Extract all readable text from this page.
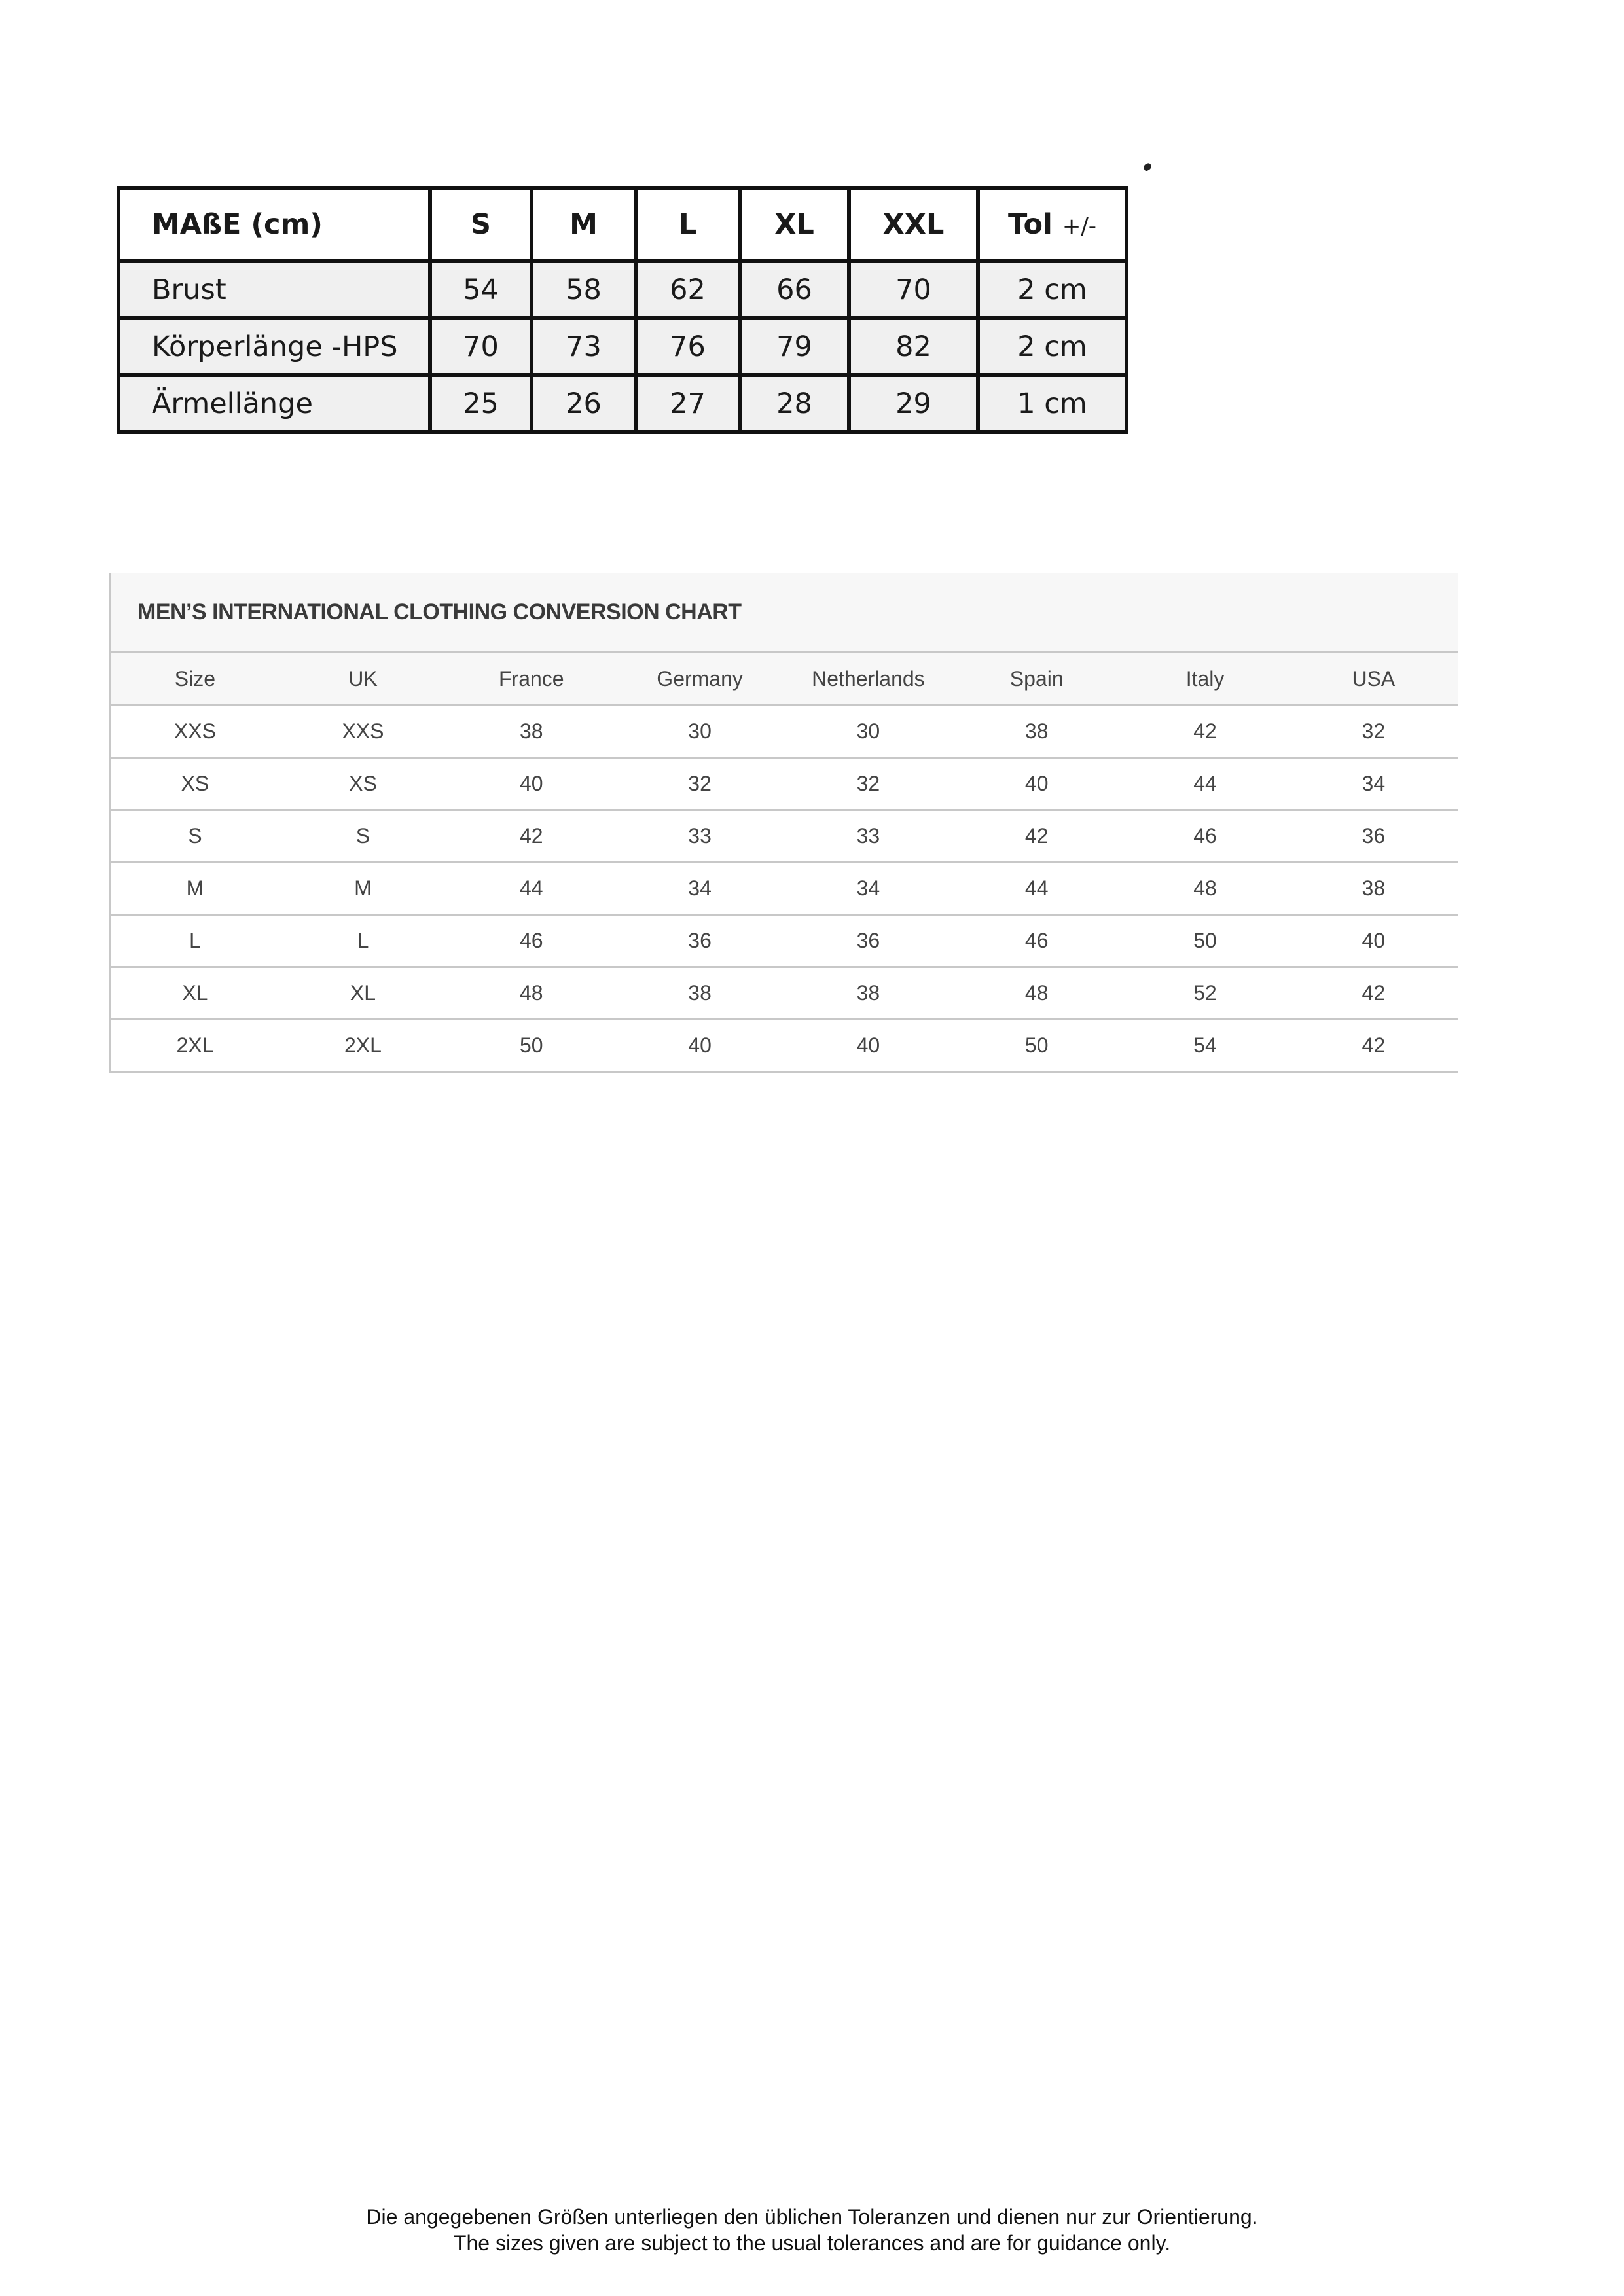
MAßE (cm)	S	M	L	XL	XXL	Tol +/-
Brust	54	58	62	66	70	2 cm
Körperlänge -HPS	70	73	76	79	82	2 cm
Ärmellänge	25	26	27	28	29	1 cm
MEN’S INTERNATIONAL CLOTHING CONVERSION CHART
Size	UK	France	Germany	Netherlands	Spain	Italy	USA
XXS	XXS	38	30	30	38	42	32
XS	XS	40	32	32	40	44	34
S	S	42	33	33	42	46	36
M	M	44	34	34	44	48	38
L	L	46	36	36	46	50	40
XL	XL	48	38	38	48	52	42
2XL	2XL	50	40	40	50	54	42
Die angegebenen Größen unterliegen den üblichen Toleranzen und dienen nur zur Orientierung.
The sizes given are subject to the usual tolerances and are for guidance only.
